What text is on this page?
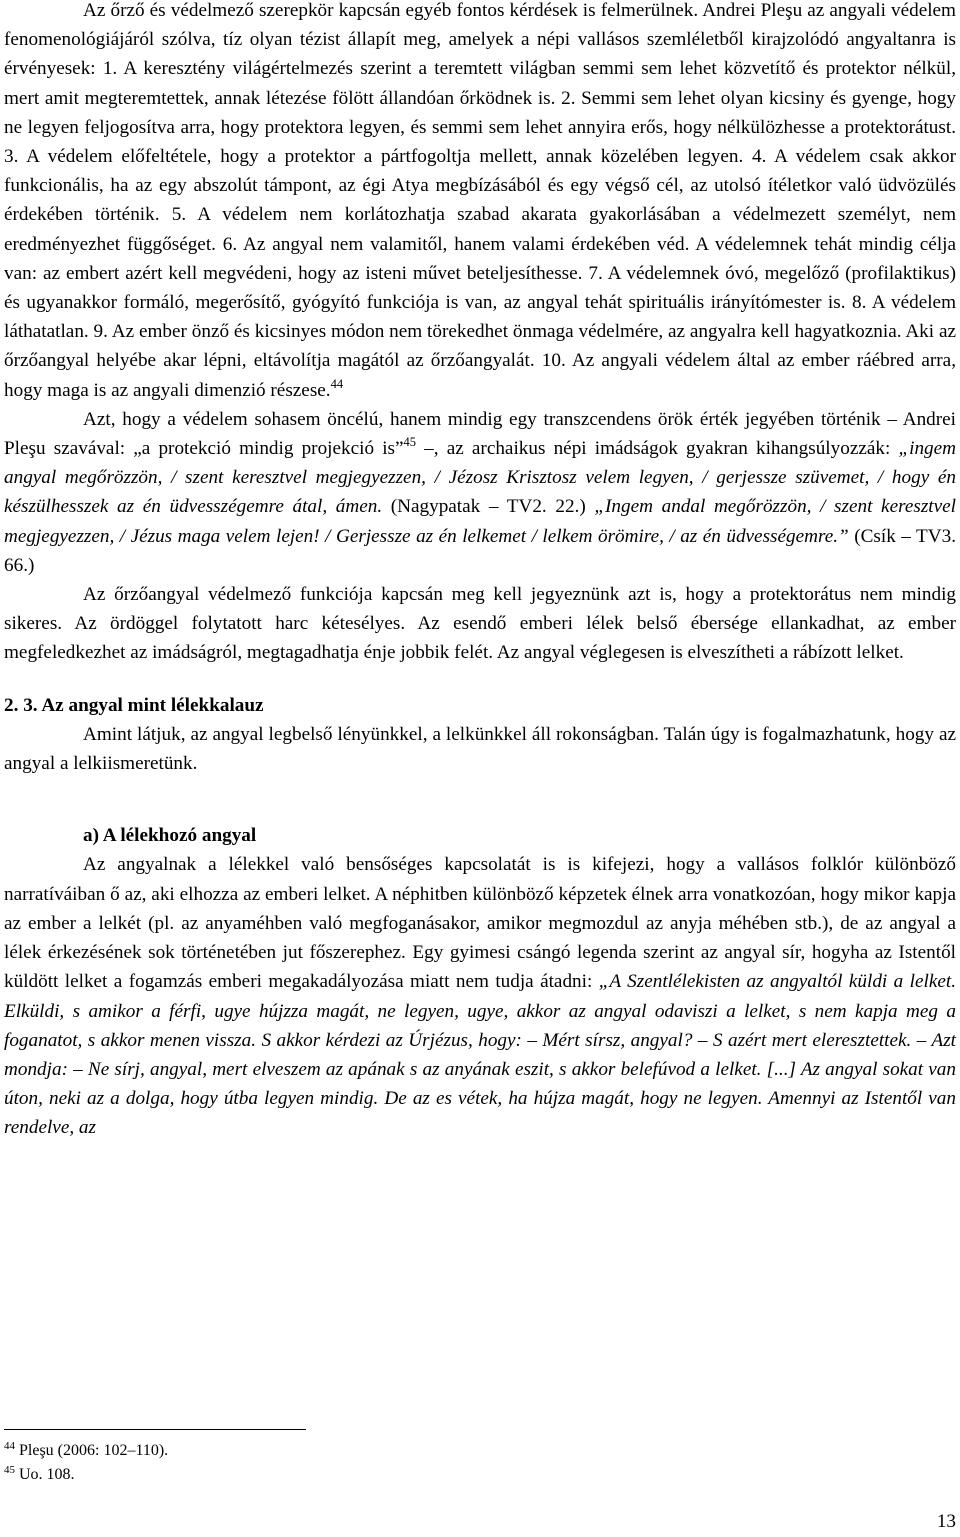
Az őrző és védelmező szerepkör kapcsán egyéb fontos kérdések is felmerülnek. Andrei Pleşu az angyali védelem fenomenológiájáról szólva, tíz olyan tézist állapít meg, amelyek a népi vallásos szemléletből kirajzolódó angyaltanra is érvényesek: 1. A keresztény világértelmezés szerint a teremtett világban semmi sem lehet közvetítő és protektor nélkül, mert amit megteremtettek, annak létezése fölött állandóan őrködnek is. 2. Semmi sem lehet olyan kicsiny és gyenge, hogy ne legyen feljogosítva arra, hogy protektora legyen, és semmi sem lehet annyira erős, hogy nélkülözhesse a protektorátust. 3. A védelem előfeltétele, hogy a protektor a pártfogoltja mellett, annak közelében legyen. 4. A védelem csak akkor funkcionális, ha az egy abszolút támpont, az égi Atya megbízásából és egy végső cél, az utolsó ítéletkor való üdvözülés érdekében történik. 5. A védelem nem korlátozhatja szabad akarata gyakorlásában a védelmezett személyt, nem eredményezhet függőséget. 6. Az angyal nem valamitől, hanem valami érdekében véd. A védelemnek tehát mindig célja van: az embert azért kell megvédeni, hogy az isteni művet beteljesíthesse. 7. A védelemnek óvó, megelőző (profilaktikus) és ugyanakkor formáló, megerősítő, gyógyító funkciója is van, az angyal tehát spirituális irányítómester is. 8. A védelem láthatatlan. 9. Az ember önző és kicsinyes módon nem törekedhet önmaga védelmére, az angyalra kell hagyatkoznia. Aki az őrzőangyal helyébe akar lépni, eltávolítja magától az őrzőangyalát. 10. Az angyali védelem által az ember ráébred arra, hogy maga is az angyali dimenzió részese.$^{44}$

Azt, hogy a védelem sohasem öncélú, hanem mindig egy transzcendens örök érték jegyében történik – Andrei Pleşu szavával: „a protekció mindig projekció is”$^{45}$ –, az archaikus népi imádságok gyakran kihangsúlyozzák: „ingem angyal megőrözzön, / szent keresztvel megjegyezzen, / Jézosz Krisztosz velem legyen, / gerjessze szüvemet, / hogy én készülhesszek az én üdvesszégemre átal, ámen. (Nagypatak – TV2. 22.) „Ingem andal megőrözzön, / szent keresztvel megjegyezzen, / Jézus maga velem lejen! / Gerjessze az én lelkemet / lelkem örömire, / az én üdvességemre.” (Csík – TV3. 66.)

Az őrzőangyal védelmező funkciója kapcsán meg kell jegyeznünk azt is, hogy a protektorátus nem mindig sikeres. Az ördöggel folytatott harc kétesélyes. Az esendő emberi lélek belső ébersége ellankadhat, az ember megfeledkezhet az imádságról, megtagadhatja énje jobbik felét. Az angyal véglegesen is elveszítheti a rábízott lelket.

2. 3. Az angyal mint lélekkalauz

Amint látjuk, az angyal legbelső lényünkkel, a lelkünkkel áll rokonságban. Talán úgy is fogalmazhatunk, hogy az angyal a lelkiismeretünk.

a) A lélekhozó angyal

Az angyalnak a lélekkel való bensőséges kapcsolatát is is kifejezi, hogy a vallásos folklór különböző narratíváiban ő az, aki elhozza az emberi lelket. A néphitben különböző képzetek élnek arra vonatkozóan, hogy mikor kapja az ember a lelkét (pl. az anyaméhben való megfoganásakor, amikor megmozdul az anyja méhében stb.), de az angyal a lélek érkezésének sok történetében jut főszerephez. Egy gyimesi csángó legenda szerint az angyal sír, hogyha az Istentől küldött lelket a fogamzás emberi megakadályozása miatt nem tudja átadni: „A Szentlélekisten az angyaltól küldi a lelket. Elküldi, s amikor a férfi, ugye hújzza magát, ne legyen, ugye, akkor az angyal odaviszi a lelket, s nem kapja meg a foganatot, s akkor menen vissza. S akkor kérdezi az Úrjézus, hogy: – Mért sírsz, angyal? – S azért mert eleresztettek. – Azt mondja: – Ne sírj, angyal, mert elveszem az apának s az anyának eszit, s akkor belefúvod a lelket. [...] Az angyal sokat van úton, neki az a dolga, hogy útba legyen mindig. De az es vétek, ha hújza magát, hogy ne legyen. Amennyi az Istentől van rendelve, az

$^{44}$ Pleşu (2006: 102–110).
$^{45}$ Uo. 108.
13
